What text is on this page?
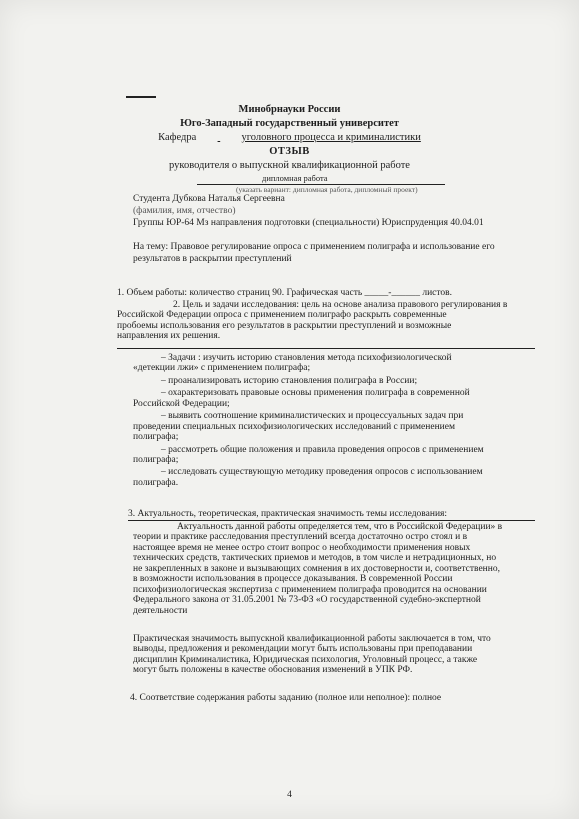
Минобрнауки России
Юго-Западный государственный университет
Кафедра	уголовного процесса и криминалистики
ОТЗЫВ
руководителя о выпускной квалификационной работе
дипломная работа
(указать вариант: дипломная работа, дипломный проект)
Студента Дубкова Наталья Сергеевна
(фамилия, имя, отчество)
Группы ЮР-64 Мз направления подготовки (специальности) Юриспруденция 40.04.01
На тему: Правовое регулирование опроса с применением полиграфа и использование его
результатов в раскрытии преступлений
1. Объем работы: количество страниц 90. Графическая часть _____-______ листов.
2. Цель и задачи исследования: цель на основе анализа правового регулирования в
Российской Федерации опроса с применением полиграфо раскрыть современные
пробоемы использования его результатов в раскрытии преступлений и возможные
направления их решения.
– Задачи : изучить историю становления метода психофизиологической
«детекции лжи» с применением полиграфа;
– проанализировать историю становления полиграфа в России;
– охарактеризовать правовые основы применения полиграфа в современной
Российской Федерации;
– выявить соотношение криминалистических и процессуальных задач при
проведении специальных психофизиологических исследований с применением
полиграфа;
– рассмотреть общие положения и правила проведения опросов с применением
полиграфа;
– исследовать существующую методику проведения опросов с использованием
полиграфа.
3. Актуальность, теоретическая, практическая значимость темы исследования:
Актуальность данной работы определяется тем, что в Российской Федерации» в
теории и практике расследования преступлений всегда достаточно остро стоял и в
настоящее время не менее остро стоит вопрос о необходимости применения новых
технических средств, тактических приемов и методов, в том числе и нетрадиционных, но
не закрепленных в законе и вызывающих сомнения в их достоверности и, соответственно,
в возможности использования в процессе доказывания. В современной России
психофизиологическая экспертиза с применением полиграфа проводится на основании
Федерального закона от 31.05.2001 № 73-ФЗ «О государственной судебно-экспертной
деятельности
Практическая значимость выпускной квалификационной работы заключается в том, что
выводы, предложения и рекомендации могут быть использованы при преподавании
дисциплин Криминалистика, Юридическая психология, Уголовный процесс, а также
могут быть положены в качестве обоснования изменений в УПК РФ.
4. Соответствие содержания работы заданию (полное или неполное): полное
4
